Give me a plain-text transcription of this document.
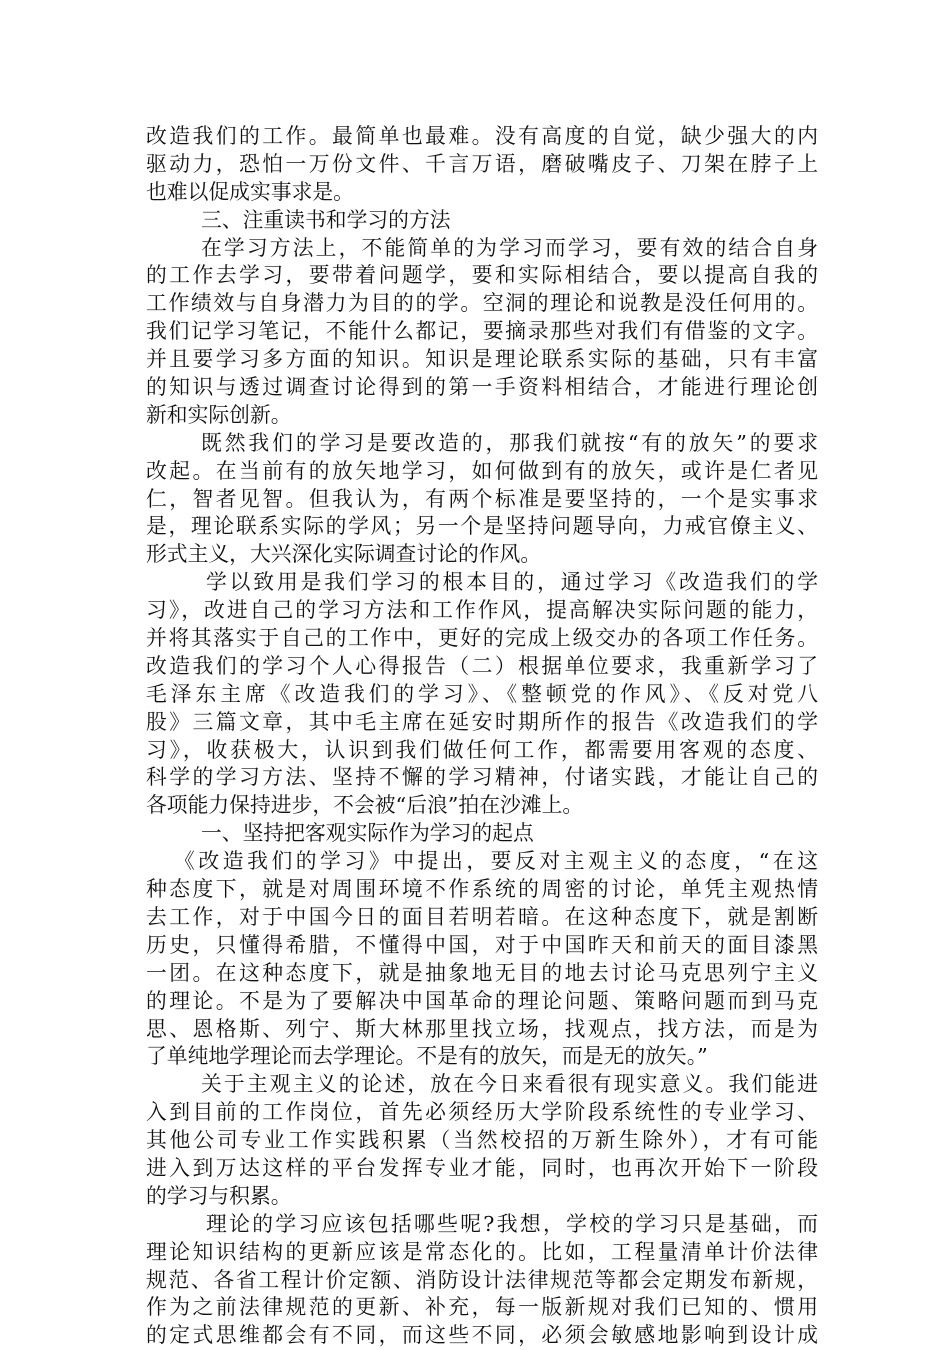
改造我们的工作。最简单也最难。没有高度的自觉，缺少强大的内
驱动力，恐怕一万份文件、千言万语，磨破嘴皮子、刀架在脖子上
也难以促成实事求是。
三、注重读书和学习的方法
在学习方法上，不能简单的为学习而学习，要有效的结合自身
的工作去学习，要带着问题学，要和实际相结合，要以提高自我的
工作绩效与自身潜力为目的的学。空洞的理论和说教是没任何用的。
我们记学习笔记，不能什么都记，要摘录那些对我们有借鉴的文字。
并且要学习多方面的知识。知识是理论联系实际的基础，只有丰富
的知识与透过调查讨论得到的第一手资料相结合，才能进行理论创
新和实际创新。
既然我们的学习是要改造的，那我们就按“有的放矢”的要求
改起。在当前有的放矢地学习，如何做到有的放矢，或许是仁者见
仁，智者见智。但我认为，有两个标准是要坚持的，一个是实事求
是，理论联系实际的学风；另一个是坚持问题导向，力戒官僚主义、
形式主义，大兴深化实际调查讨论的作风。
学以致用是我们学习的根本目的，通过学习《改造我们的学
习》，改进自己的学习方法和工作作风，提高解决实际问题的能力，
并将其落实于自己的工作中，更好的完成上级交办的各项工作任务。
改造我们的学习个人心得报告（二）根据单位要求，我重新学习了
毛泽东主席《改造我们的学习》、《整顿党的作风》、《反对党八
股》三篇文章，其中毛主席在延安时期所作的报告《改造我们的学
习》，收获极大，认识到我们做任何工作，都需要用客观的态度、
科学的学习方法、坚持不懈的学习精神，付诸实践，才能让自己的
各项能力保持进步，不会被“后浪”拍在沙滩上。
一、坚持把客观实际作为学习的起点
《改造我们的学习》中提出，要反对主观主义的态度，“在这
种态度下，就是对周围环境不作系统的周密的讨论，单凭主观热情
去工作，对于中国今日的面目若明若暗。在这种态度下，就是割断
历史，只懂得希腊，不懂得中国，对于中国昨天和前天的面目漆黑
一团。在这种态度下，就是抽象地无目的地去讨论马克思列宁主义
的理论。不是为了要解决中国革命的理论问题、策略问题而到马克
思、恩格斯、列宁、斯大林那里找立场，找观点，找方法，而是为
了单纯地学理论而去学理论。不是有的放矢，而是无的放矢。”
关于主观主义的论述，放在今日来看很有现实意义。我们能进
入到目前的工作岗位，首先必须经历大学阶段系统性的专业学习、
其他公司专业工作实践积累（当然校招的万新生除外），才有可能
进入到万达这样的平台发挥专业才能，同时，也再次开始下一阶段
的学习与积累。
理论的学习应该包括哪些呢?我想，学校的学习只是基础，而
理论知识结构的更新应该是常态化的。比如，工程量清单计价法律
规范、各省工程计价定额、消防设计法律规范等都会定期发布新规，
作为之前法律规范的更新、补充，每一版新规对我们已知的、惯用
的定式思维都会有不同，而这些不同，必须会敏感地影响到设计成
